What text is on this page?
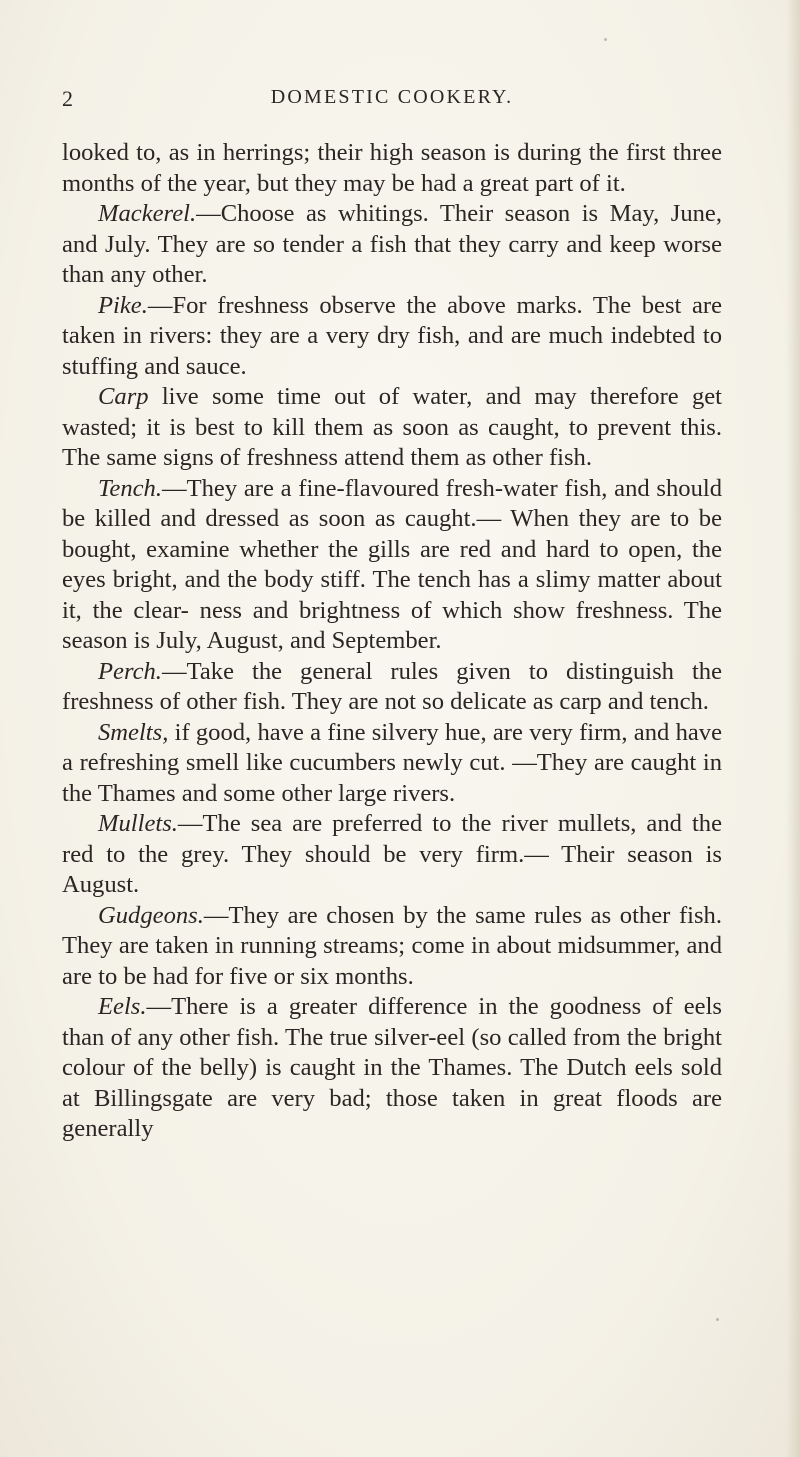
2	DOMESTIC COOKERY.

looked to, as in herrings; their high season is during the first three months of the year, but they may be had a great part of it.

Mackerel.—Choose as whitings. Their season is May, June, and July. They are so tender a fish that they carry and keep worse than any other.

Pike.—For freshness observe the above marks. The best are taken in rivers: they are a very dry fish, and are much indebted to stuffing and sauce.

Carp live some time out of water, and may therefore get wasted; it is best to kill them as soon as caught, to prevent this. The same signs of freshness attend them as other fish.

Tench.—They are a fine-flavoured fresh-water fish, and should be killed and dressed as soon as caught.— When they are to be bought, examine whether the gills are red and hard to open, the eyes bright, and the body stiff. The tench has a slimy matter about it, the clear- ness and brightness of which show freshness. The season is July, August, and September.

Perch.—Take the general rules given to distinguish the freshness of other fish. They are not so delicate as carp and tench.

Smelts, if good, have a fine silvery hue, are very firm, and have a refreshing smell like cucumbers newly cut. —They are caught in the Thames and some other large rivers.

Mullets.—The sea are preferred to the river mullets, and the red to the grey. They should be very firm.— Their season is August.

Gudgeons.—They are chosen by the same rules as other fish. They are taken in running streams; come in about midsummer, and are to be had for five or six months.

Eels.—There is a greater difference in the goodness of eels than of any other fish. The true silver-eel (so called from the bright colour of the belly) is caught in the Thames. The Dutch eels sold at Billingsgate are very bad; those taken in great floods are generally
